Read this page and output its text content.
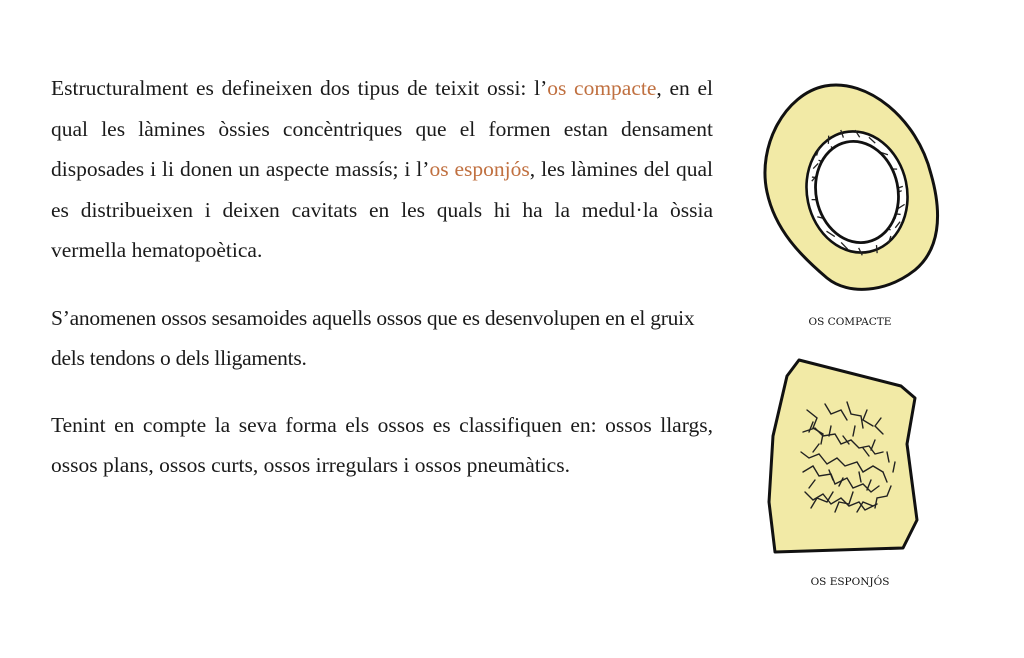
Estructuralment es defineixen dos tipus de teixit ossi: l’os compacte, en el qual les làmines òssies concèntriques que el formen estan densament disposades i li donen un aspecte massís; i l’os esponjós, les làmines del qual es distribueixen i deixen cavitats en les quals hi ha la medul·la òssia vermella hematopoètica.

S’anomenen ossos sesamoides aquells ossos que es desenvolupen en el gruix dels tendons o dels lligaments.

Tenint en compte la seva forma els ossos es classifiquen en: ossos llargs, ossos plans, ossos curts, ossos irregulars i ossos pneumàtics.

OS COMPACTE
OS ESPONJÓS
